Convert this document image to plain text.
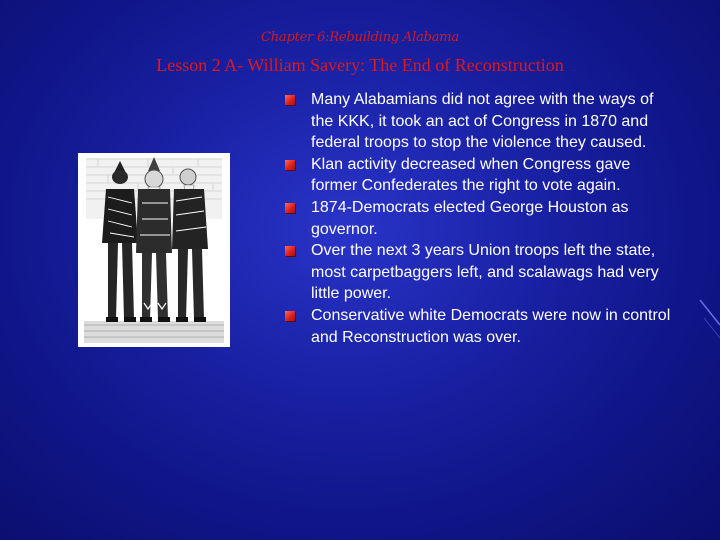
Chapter 6:Rebuilding Alabama
Lesson 2 A- William Savery: The End of Reconstruction
Many Alabamians did not agree with the ways of the KKK, it took an act of Congress in 1870 and federal troops to stop the violence they caused.
Klan activity decreased when Congress gave former Confederates the right to vote again.
1874-Democrats elected George Houston as governor.
Over the next 3 years Union troops left the state, most carpetbaggers left, and scalawags had very little power.
Conservative white Democrats were now in control and Reconstruction was over.
